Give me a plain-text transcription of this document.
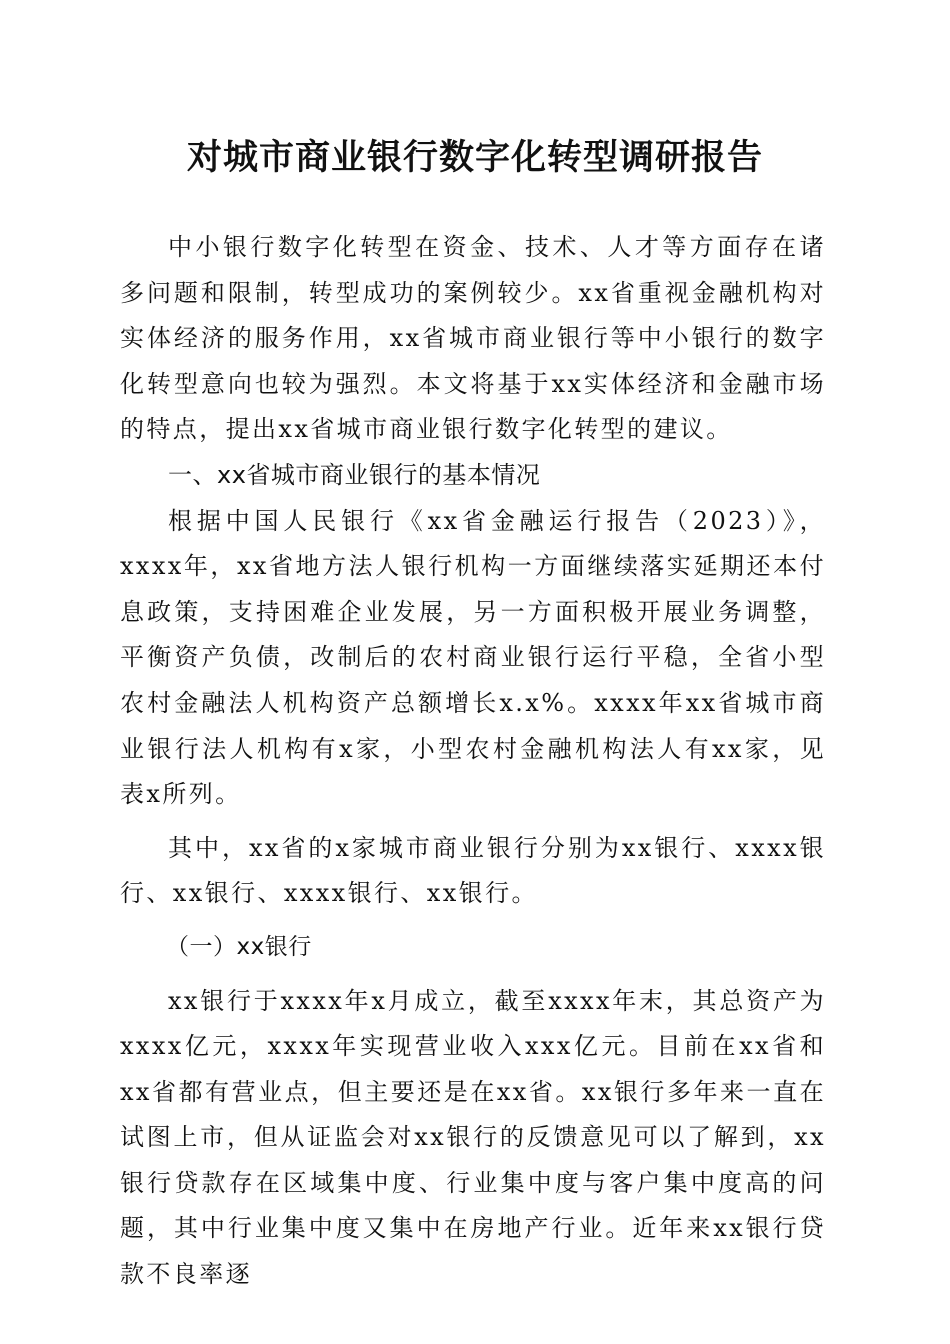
对城市商业银行数字化转型调研报告

中小银行数字化转型在资金、技术、人才等方面存在诸多问题和限制，转型成功的案例较少。xx省重视金融机构对实体经济的服务作用，xx省城市商业银行等中小银行的数字化转型意向也较为强烈。本文将基于xx实体经济和金融市场的特点，提出xx省城市商业银行数字化转型的建议。

一、xx省城市商业银行的基本情况

根据中国人民银行《xx省金融运行报告（2023）》，xxxx年，xx省地方法人银行机构一方面继续落实延期还本付息政策，支持困难企业发展，另一方面积极开展业务调整，平衡资产负债，改制后的农村商业银行运行平稳，全省小型农村金融法人机构资产总额增长x.x%。xxxx年xx省城市商业银行法人机构有x家，小型农村金融机构法人有xx家，见表x所列。

其中，xx省的x家城市商业银行分别为xx银行、xxxx银行、xx银行、xxxx银行、xx银行。

（一）xx银行

xx银行于xxxx年x月成立，截至xxxx年末，其总资产为xxxx亿元，xxxx年实现营业收入xxx亿元。目前在xx省和xx省都有营业点，但主要还是在xx省。xx银行多年来一直在试图上市，但从证监会对xx银行的反馈意见可以了解到，xx银行贷款存在区域集中度、行业集中度与客户集中度高的问题，其中行业集中度又集中在房地产行业。近年来xx银行贷款不良率逐
